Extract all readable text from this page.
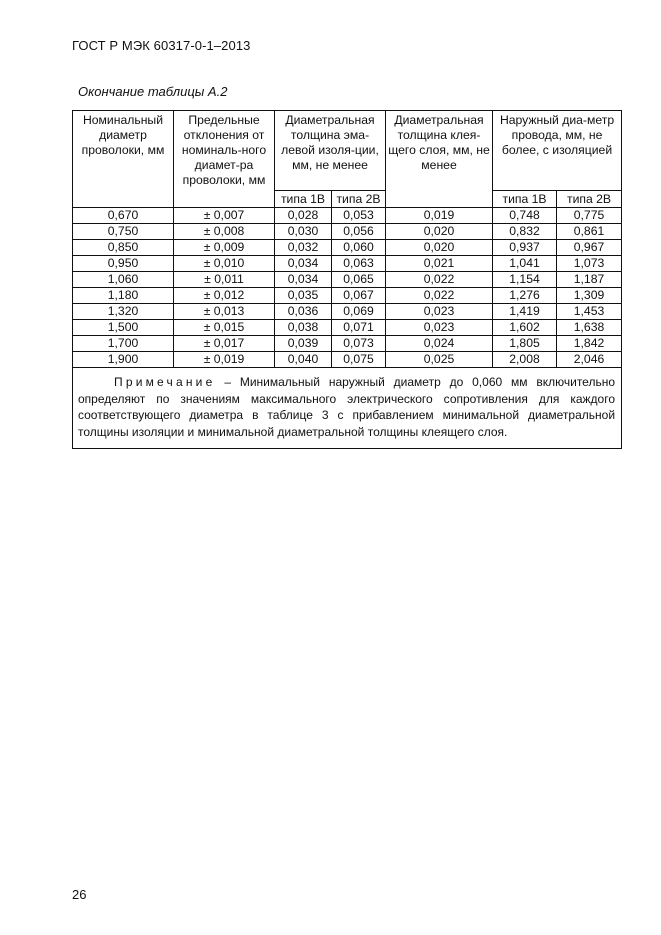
ГОСТ Р МЭК 60317-0-1–2013
Окончание таблицы А.2
Номинальный диаметр проволоки, мм	Предельные отклонения от номиналь-ного диамет-ра проволоки, мм	Диаметральная толщина эма-левой изоля-ции, мм, не менее		Диаметральная толщина клея-щего слоя, мм, не менее	Наружный диа-метр провода, мм, не более, с изоляцией	
		типа 1В	типа 2В		типа 1В	типа 2В
0,670	± 0,007	0,028	0,053	0,019	0,748	0,775
0,750	± 0,008	0,030	0,056	0,020	0,832	0,861
0,850	± 0,009	0,032	0,060	0,020	0,937	0,967
0,950	± 0,010	0,034	0,063	0,021	1,041	1,073
1,060	± 0,011	0,034	0,065	0,022	1,154	1,187
1,180	± 0,012	0,035	0,067	0,022	1,276	1,309
1,320	± 0,013	0,036	0,069	0,023	1,419	1,453
1,500	± 0,015	0,038	0,071	0,023	1,602	1,638
1,700	± 0,017	0,039	0,073	0,024	1,805	1,842
1,900	± 0,019	0,040	0,075	0,025	2,008	2,046
Примечание – Минимальный наружный диаметр до 0,060 мм включительно определяют по значениям максимального электрического сопротивления для каждого соответствующего диаметра в таблице 3 с прибавлением минимальной диаметральной толщины изоляции и минимальной диаметральной толщины клеящего слоя.						
26
